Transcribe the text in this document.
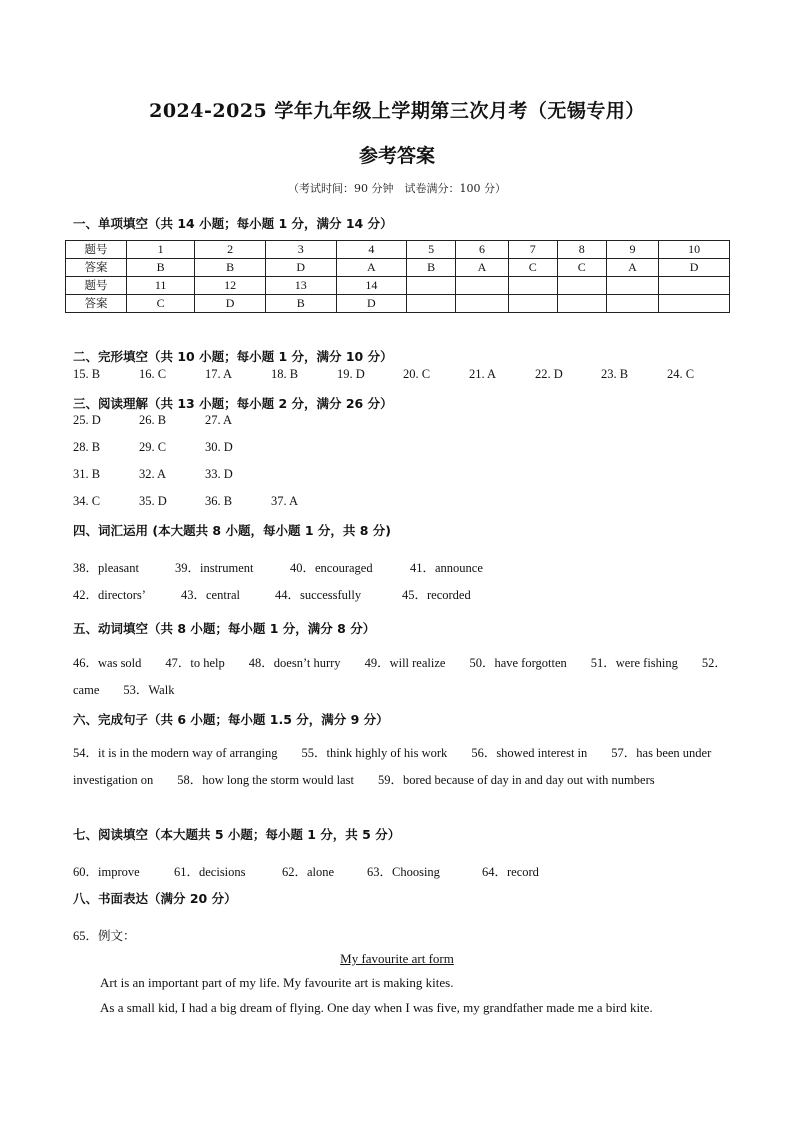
2024-2025 学年九年级上学期第三次月考（无锡专用）
参考答案
（考试时间：90 分钟　试卷满分：100 分）
一、单项填空（共 14 小题；每小题 1 分，满分 14 分）
题号	1	2	3	4	5	6	7	8	9	10
答案	B	B	D	A	B	A	C	C	A	D
题号	11	12	13	14						
答案	C	D	B	D						
二、完形填空（共 10 小题；每小题 1 分，满分 10 分）
15. B	16. C	17. A	18. B	19. D	20. C	21. A	22. D	23. B	24. C
三、阅读理解（共 13 小题；每小题 2 分，满分 26 分）
25. D	26. B	27. A
28. B	29. C	30. D
31. B	32. A	33. D
34. C	35. D	36. B	37. A
四、词汇运用 (本大题共 8 小题，每小题 1 分，共 8 分)
38．pleasant	39．instrument	40．encouraged	41．announce
42．directors’	43．central	44．successfully	45．recorded
五、动词填空（共 8 小题；每小题 1 分，满分 8 分）
46．was sold 47．to help 48．doesn’t hurry 49．will realize 50．have forgotten 51．were fishing 52．came 53．Walk
六、完成句子（共 6 小题；每小题 1.5 分，满分 9 分）
54．it is in the modern way of arranging 55．think highly of his work 56．showed interest in 57．has been under investigation on 58．how long the storm would last 59．bored because of day in and day out with numbers
七、阅读填空（本大题共 5 小题；每小题 1 分，共 5 分）
60．improve	61．decisions	62．alone	63．Choosing	64．record
八、书面表达（满分 20 分）
65．例文：
My favourite art form
Art is an important part of my life. My favourite art is making kites.
As a small kid, I had a big dream of flying. One day when I was five, my grandfather made me a bird kite.
